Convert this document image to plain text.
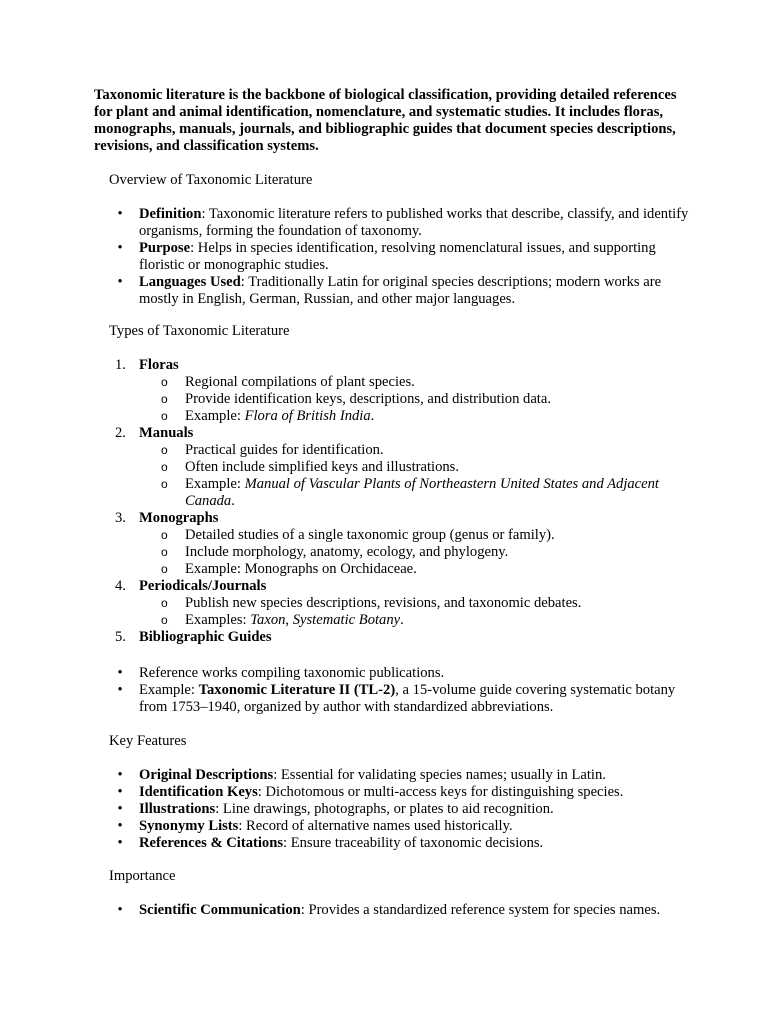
Taxonomic literature is the backbone of biological classification, providing detailed references for plant and animal identification, nomenclature, and systematic studies. It includes floras, monographs, manuals, journals, and bibliographic guides that document species descriptions, revisions, and classification systems.

Overview of Taxonomic Literature

• Definition: Taxonomic literature refers to published works that describe, classify, and identify organisms, forming the foundation of taxonomy.
• Purpose: Helps in species identification, resolving nomenclatural issues, and supporting floristic or monographic studies.
• Languages Used: Traditionally Latin for original species descriptions; modern works are mostly in English, German, Russian, and other major languages.

Types of Taxonomic Literature

1. Floras
o Regional compilations of plant species.
o Provide identification keys, descriptions, and distribution data.
o Example: Flora of British India.
2. Manuals
o Practical guides for identification.
o Often include simplified keys and illustrations.
o Example: Manual of Vascular Plants of Northeastern United States and Adjacent Canada.
3. Monographs
o Detailed studies of a single taxonomic group (genus or family).
o Include morphology, anatomy, ecology, and phylogeny.
o Example: Monographs on Orchidaceae.
4. Periodicals/Journals
o Publish new species descriptions, revisions, and taxonomic debates.
o Examples: Taxon, Systematic Botany.
5. Bibliographic Guides
• Reference works compiling taxonomic publications.
• Example: Taxonomic Literature II (TL-2), a 15-volume guide covering systematic botany from 1753–1940, organized by author with standardized abbreviations.

Key Features

• Original Descriptions: Essential for validating species names; usually in Latin.
• Identification Keys: Dichotomous or multi-access keys for distinguishing species.
• Illustrations: Line drawings, photographs, or plates to aid recognition.
• Synonymy Lists: Record of alternative names used historically.
• References & Citations: Ensure traceability of taxonomic decisions.

Importance

• Scientific Communication: Provides a standardized reference system for species names.
